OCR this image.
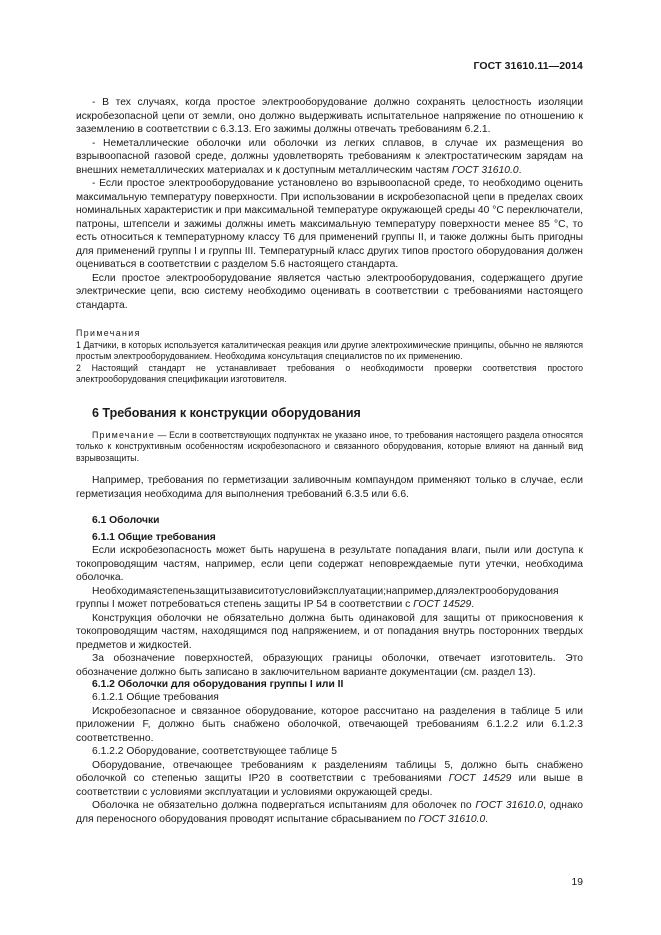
ГОСТ 31610.11—2014

- В тех случаях, когда простое электрооборудование должно сохранять целостность изоляции искробезопасной цепи от земли, оно должно выдерживать испытательное напряжение по отношению к заземлению в соответствии с 6.3.13. Его зажимы должны отвечать требованиям 6.2.1.

- Неметаллические оболочки или оболочки из легких сплавов, в случае их размещения во взрывоопасной газовой среде, должны удовлетворять требованиям к электростатическим зарядам на внешних неметаллических материалах и к доступным металлическим частям ГОСТ 31610.0.

- Если простое электрооборудование установлено во взрывоопасной среде, то необходимо оценить максимальную температуру поверхности. При использовании в искробезопасной цепи в пределах своих номинальных характеристик и при максимальной температуре окружающей среды 40 °С переключатели, патроны, штепсели и зажимы должны иметь максимальную температуру поверхности менее 85 °С, то есть относиться к температурному классу Т6 для применений группы II, и также должны быть пригодны для применений группы I и группы III. Температурный класс других типов простого оборудования должен оцениваться в соответствии с разделом 5.6 настоящего стандарта.

Если простое электрооборудование является частью электрооборудования, содержащего другие электрические цепи, всю систему необходимо оценивать в соответствии с требованиями настоящего стандарта.

Примечания

1 Датчики, в которых используется каталитическая реакция или другие электрохимические принципы, обычно не являются простым электрооборудованием. Необходима консультация специалистов по их применению.

2 Настоящий стандарт не устанавливает требования о необходимости проверки соответствия простого электрооборудования спецификации изготовителя.

6 Требования к конструкции оборудования

Примечание — Если в соответствующих подпунктах не указано иное, то требования настоящего раздела относятся только к конструктивным особенностям искробезопасного и связанного оборудования, которые влияют на данный вид взрывозащиты.

Например, требования по герметизации заливочным компаундом применяют только в случае, если герметизация необходима для выполнения требований 6.3.5 или 6.6.

6.1 Оболочки
6.1.1 Общие требования

Если искробезопасность может быть нарушена в результате попадания влаги, пыли или доступа к токопроводящим частям, например, если цепи содержат неповреждаемые пути утечки, необходима оболочка.

Необходимаястепеньзащитызависитотусловийэксплуатации;например,дляэлектрооборудования группы I может потребоваться степень защиты IP 54 в соответствии с ГОСТ 14529.

Конструкция оболочки не обязательно должна быть одинаковой для защиты от прикосновения к токопроводящим частям, находящимся под напряжением, и от попадания внутрь посторонних твердых предметов и жидкостей.

За обозначение поверхностей, образующих границы оболочки, отвечает изготовитель. Это обозначение должно быть записано в заключительном варианте документации (см. раздел 13).

6.1.2 Оболочки для оборудования группы I или II
6.1.2.1 Общие требования

Искробезопасное и связанное оборудование, которое рассчитано на разделения в таблице 5 или приложении F, должно быть снабжено оболочкой, отвечающей требованиям 6.1.2.2 или 6.1.2.3 соответственно.

6.1.2.2 Оборудование, соответствующее таблице 5

Оборудование, отвечающее требованиям к разделениям таблицы 5, должно быть снабжено оболочкой со степенью защиты IP20 в соответствии с требованиями ГОСТ 14529 или выше в соответствии с условиями эксплуатации и условиями окружающей среды.

Оболочка не обязательно должна подвергаться испытаниям для оболочек по ГОСТ 31610.0, однако для переносного оборудования проводят испытание сбрасыванием по ГОСТ 31610.0.

19
